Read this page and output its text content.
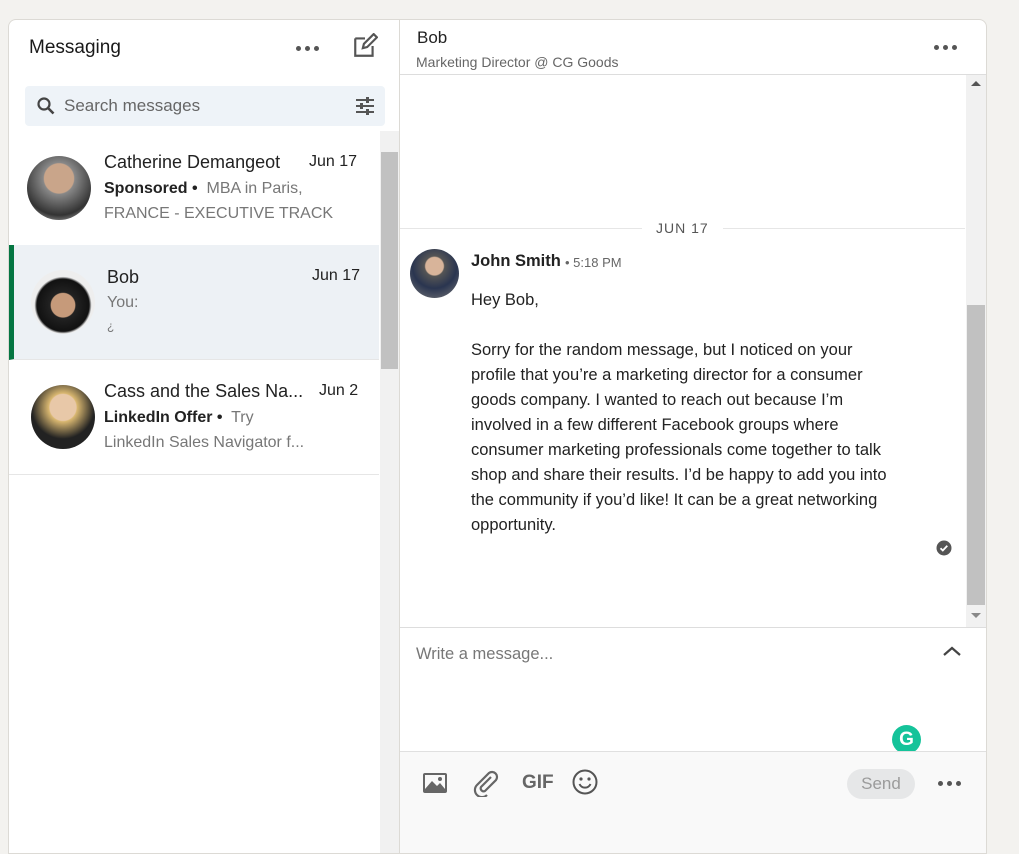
Messaging
Search messages
Catherine Demangeot Jun 17
Sponsored • MBA in Paris,
FRANCE - EXECUTIVE TRACK
Bob	Jun 17
You:
¿
Cass and the Sales Na... Jun 2
LinkedIn Offer • Try
LinkedIn Sales Navigator f...
Bob
Marketing Director @ CG Goods
JUN 17
John Smith • 5:18 PM
Hey Bob,
Sorry for the random message, but I noticed on your profile that you’re a marketing director for a consumer goods company. I wanted to reach out because I’m involved in a few different Facebook groups where consumer marketing professionals come together to talk shop and share their results. I’d be happy to add you into the community if you’d like! It can be a great networking opportunity.
Write a message...
G
GIF	Send
